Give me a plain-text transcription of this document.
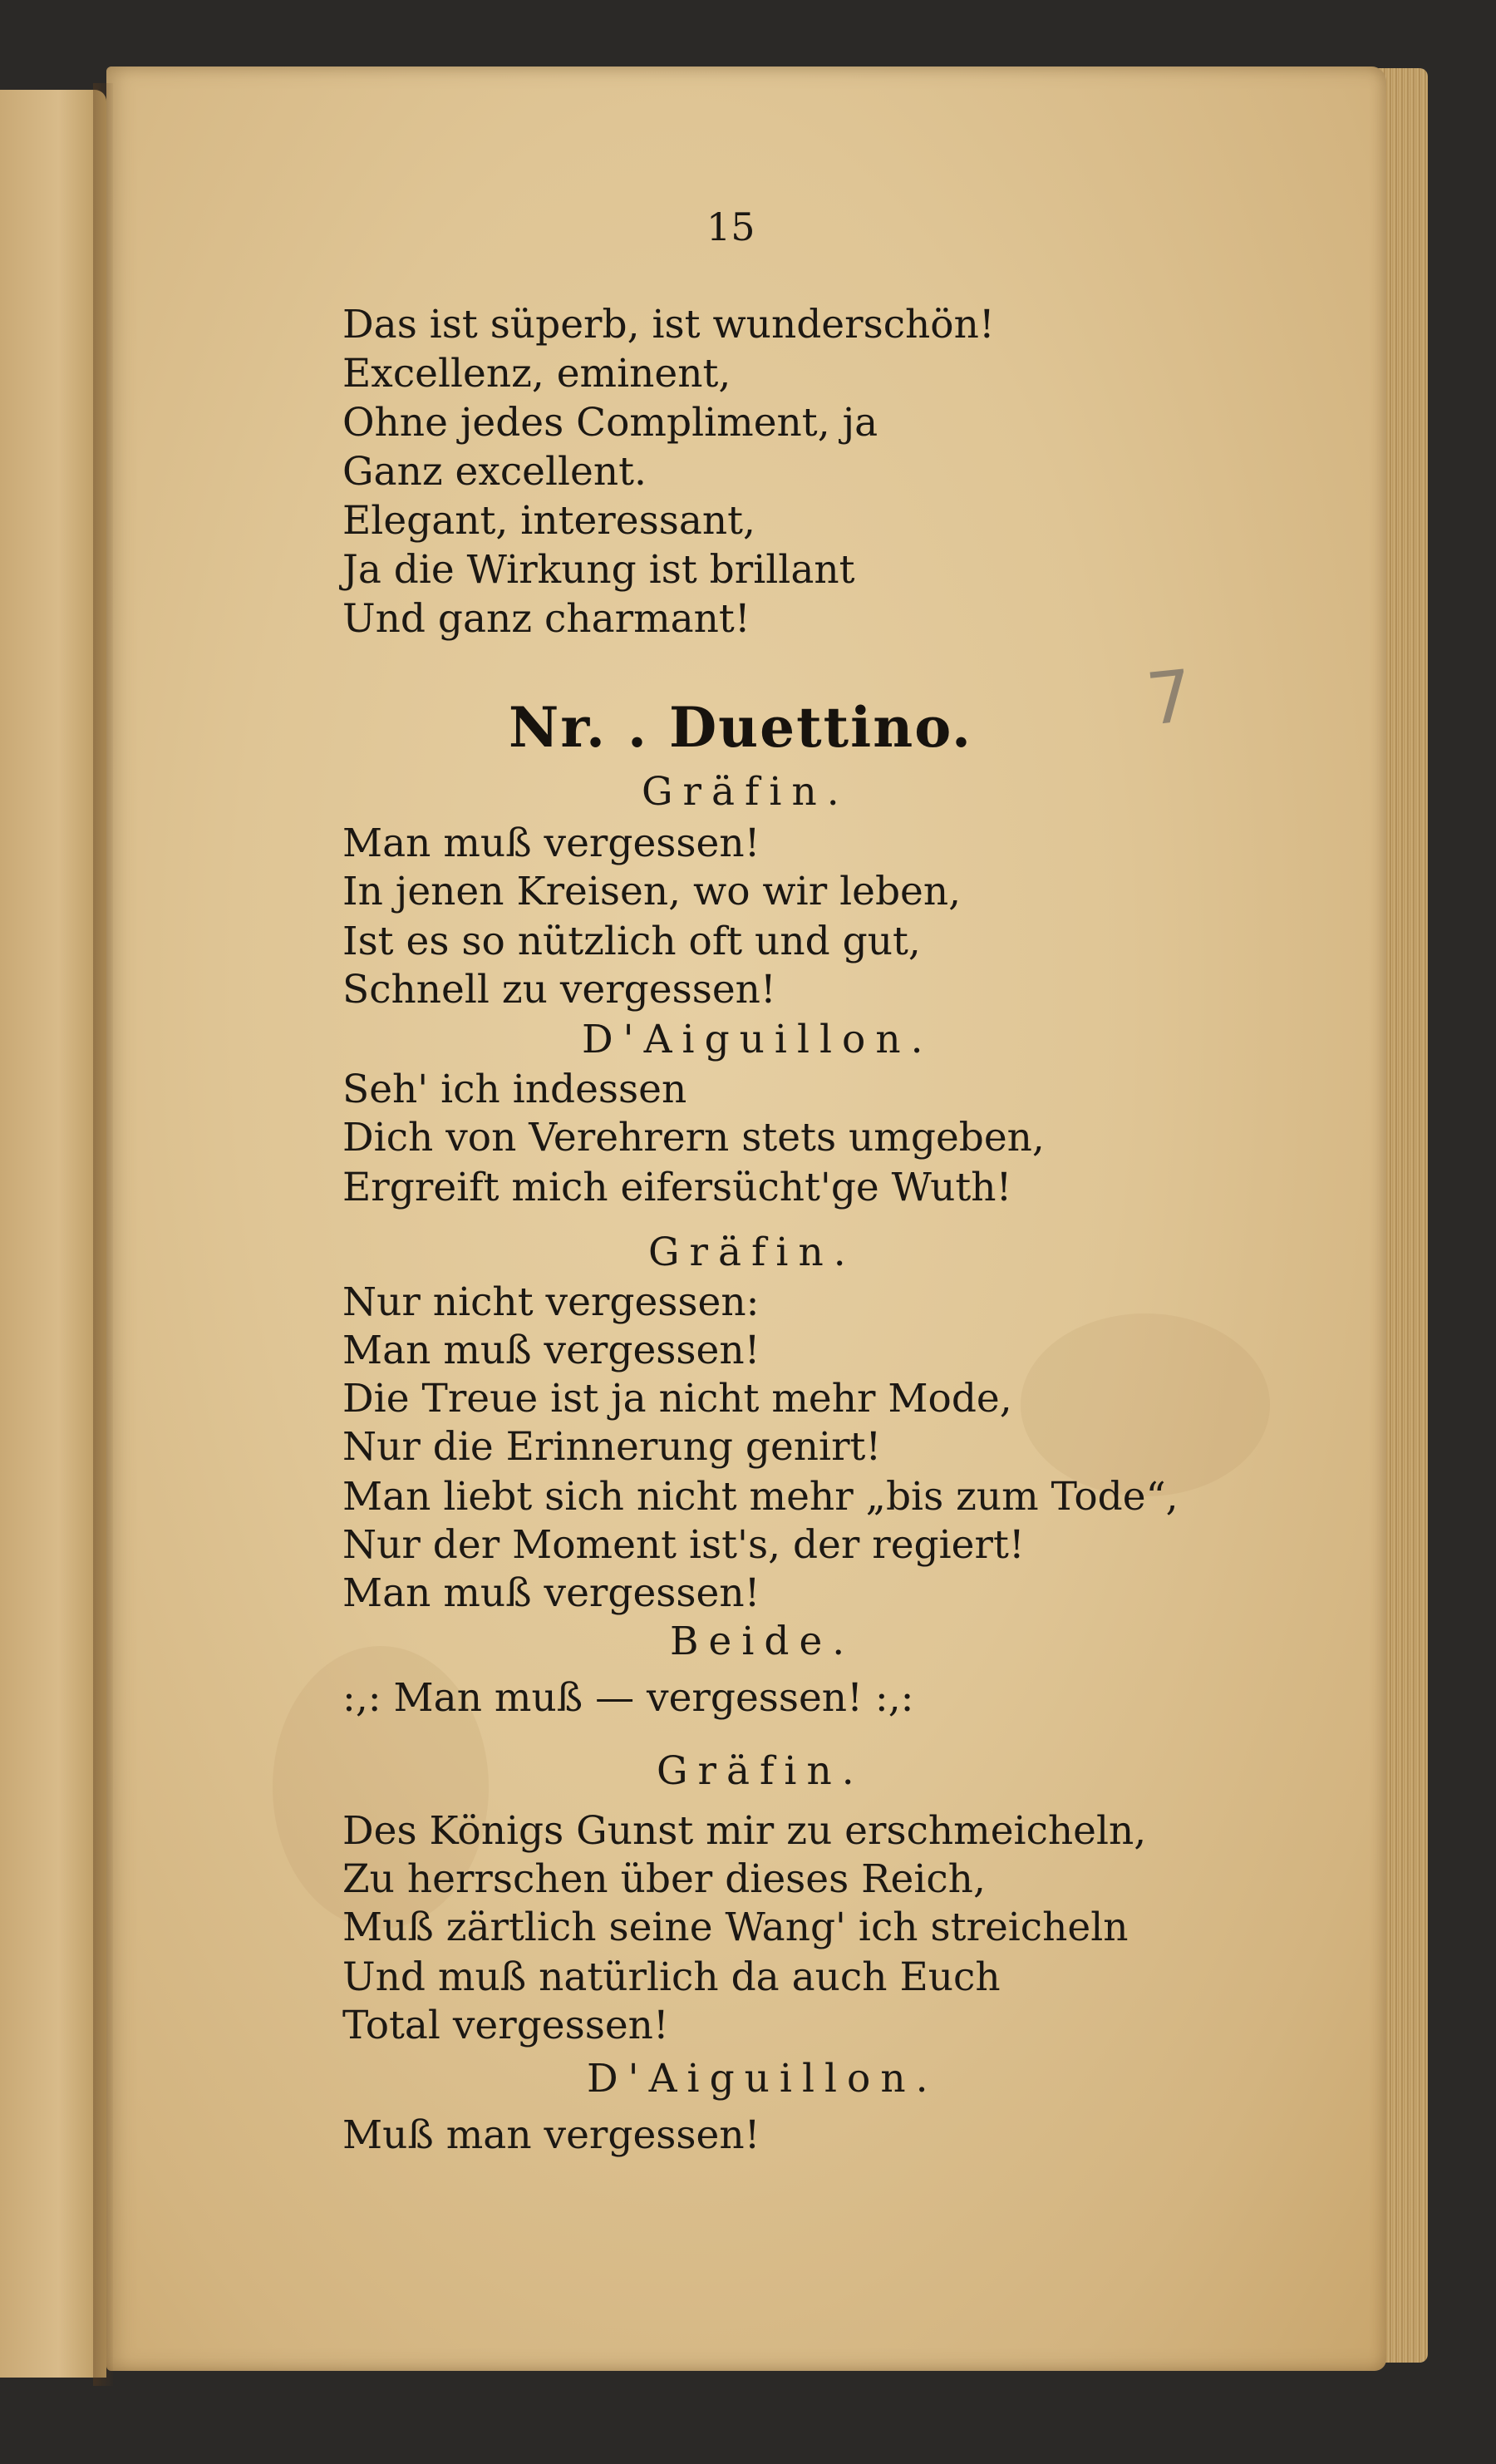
15
Das ist süperb, ist wunderschön!
Excellenz, eminent,
Ohne jedes Compliment, ja
Ganz excellent.
Elegant, interessant,
Ja die Wirkung ist brillant
Und ganz charmant!
Nr. . Duettino. 7
Gräfin.
Man muß vergessen!
In jenen Kreisen, wo wir leben,
Ist es so nützlich oft und gut,
Schnell zu vergessen!
D'Aiguillon.
Seh' ich indessen
Dich von Verehrern stets umgeben,
Ergreift mich eifersücht'ge Wuth!
Gräfin.
Nur nicht vergessen:
Man muß vergessen!
Die Treue ist ja nicht mehr Mode,
Nur die Erinnerung genirt!
Man liebt sich nicht mehr „bis zum Tode“,
Nur der Moment ist's, der regiert!
Man muß vergessen!
Beide.
:,: Man muß — vergessen! :,:
Gräfin.
Des Königs Gunst mir zu erschmeicheln,
Zu herrschen über dieses Reich,
Muß zärtlich seine Wang' ich streicheln
Und muß natürlich da auch Euch
Total vergessen!
D'Aiguillon.
Muß man vergessen!
